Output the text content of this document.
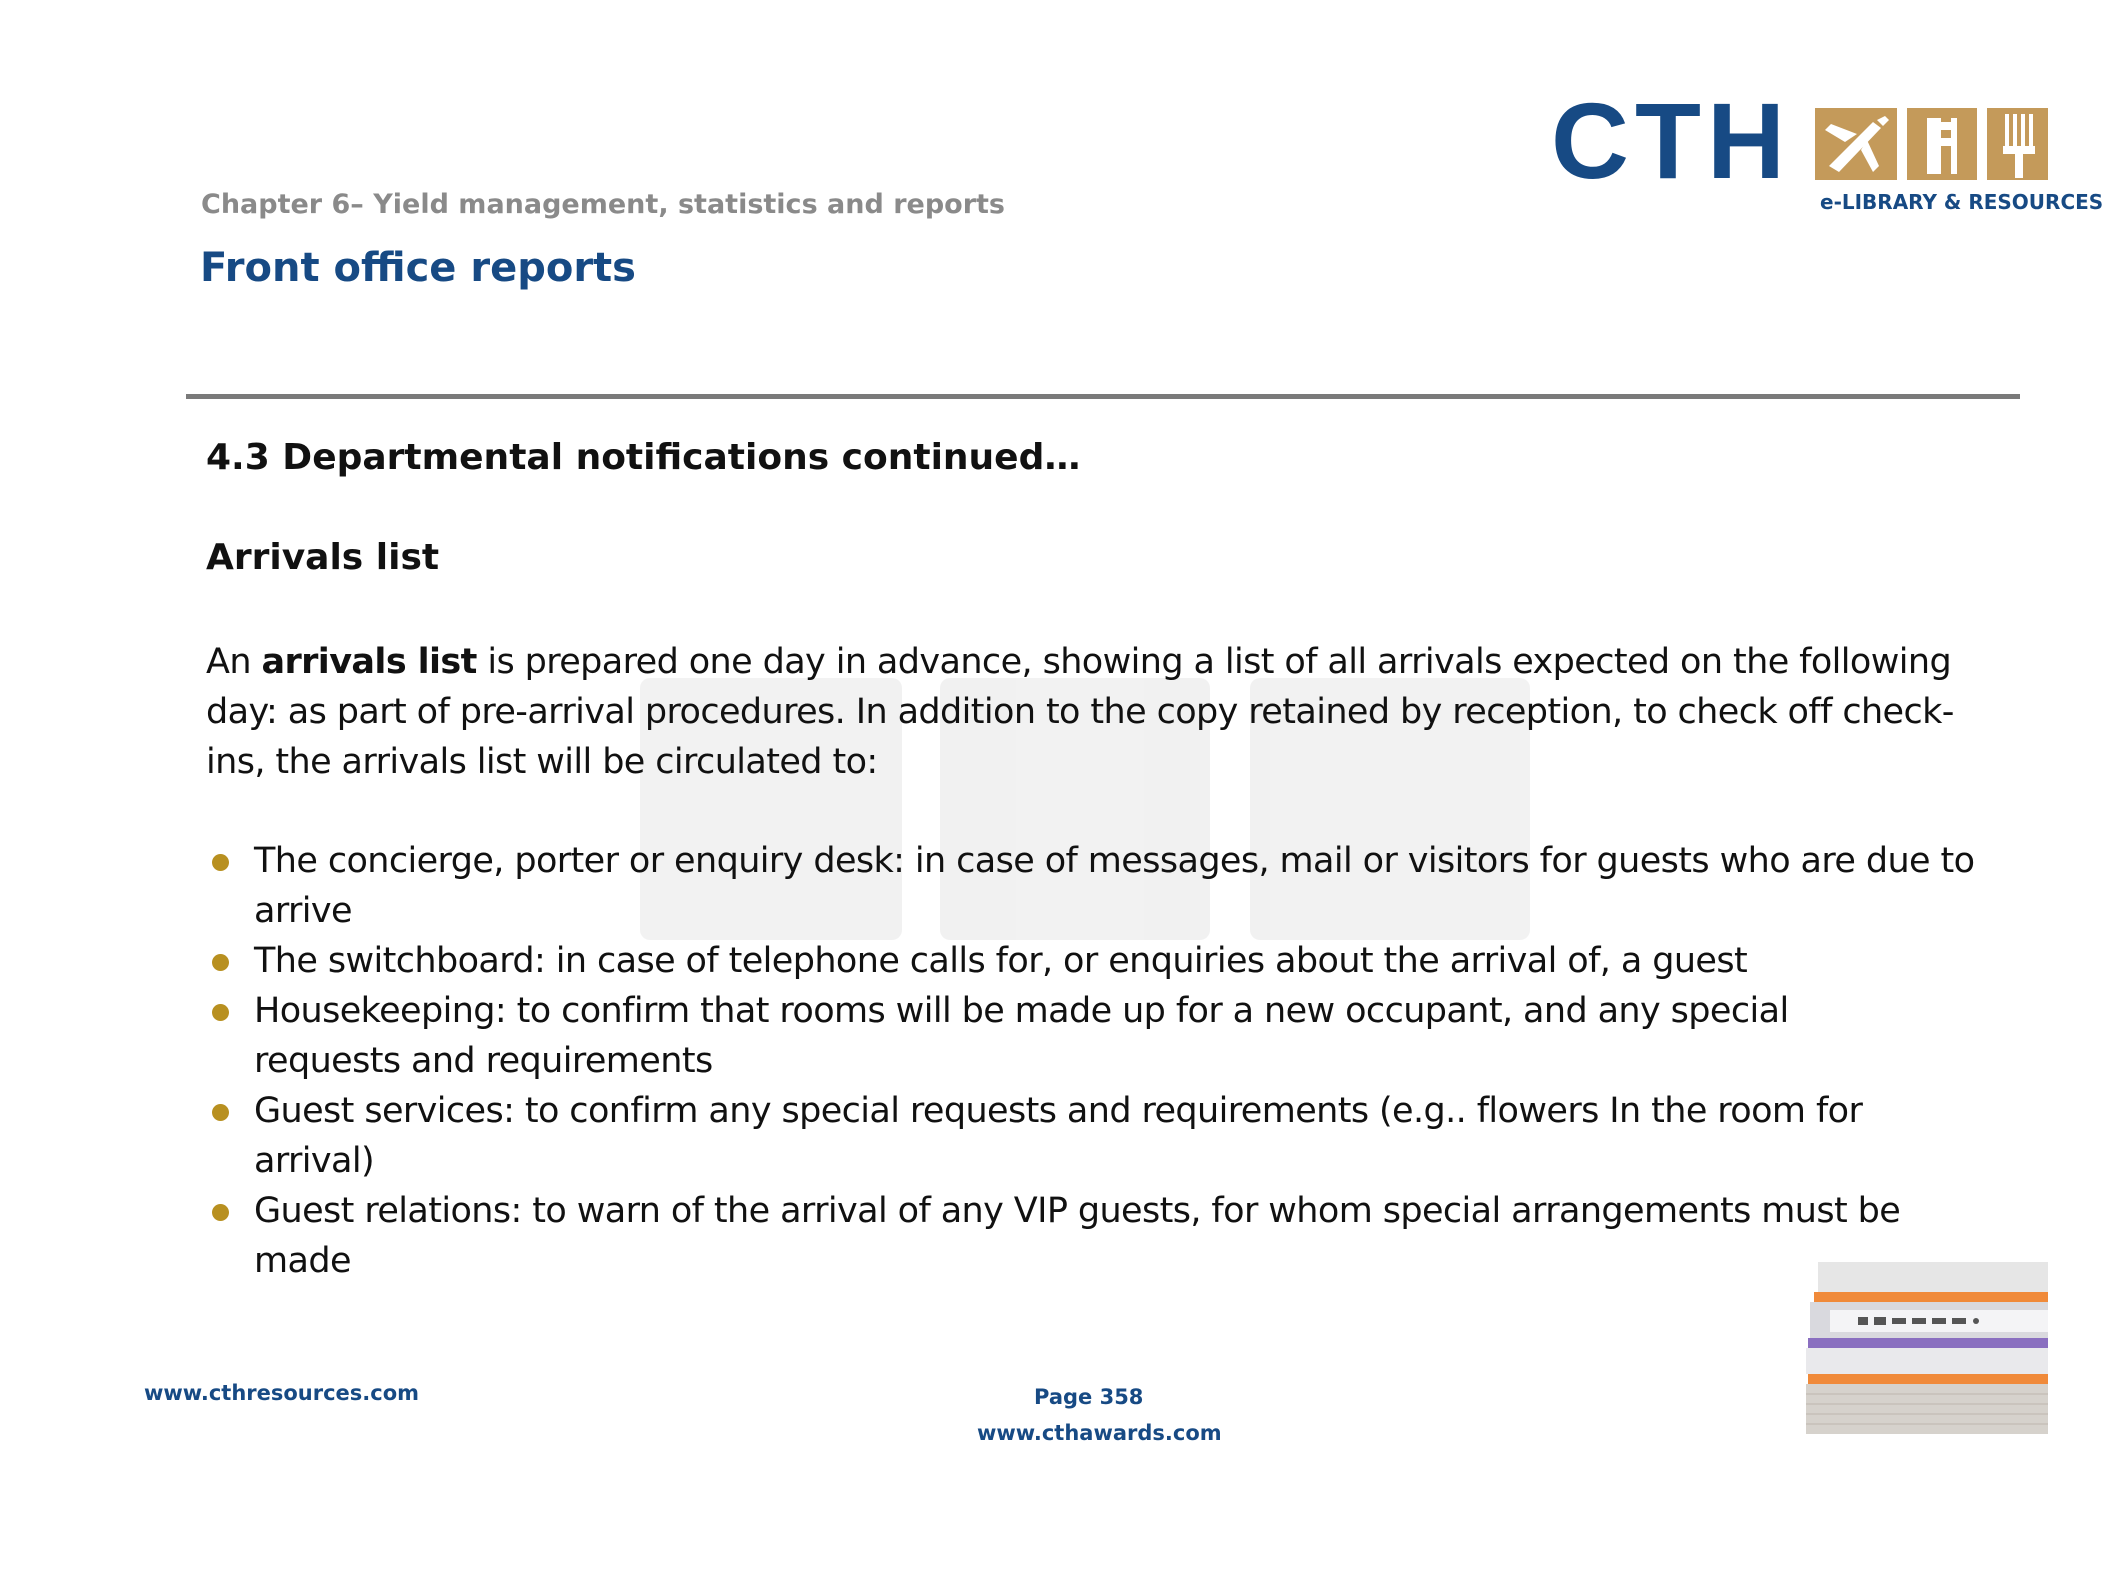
Chapter 6– Yield management, statistics and reports
Front office reports
CTH
e-LIBRARY & RESOURCES
4.3 Departmental notifications continued…
Arrivals list

An arrivals list is prepared one day in advance, showing a list of all arrivals expected on the following
day: as part of pre-arrival procedures. In addition to the copy retained by reception, to check off check-
ins, the arrivals list will be circulated to:

The concierge, porter or enquiry desk: in case of messages, mail or visitors for guests who are due to
arrive
The switchboard: in case of telephone calls for, or enquiries about the arrival of, a guest
Housekeeping: to confirm that rooms will be made up for a new occupant, and any special
requests and requirements
Guest services: to confirm any special requests and requirements (e.g.. flowers In the room for
arrival)
Guest relations: to warn of the arrival of any VIP guests, for whom special arrangements must be
made
www.cthresources.com	Page 358
www.cthawards.com
